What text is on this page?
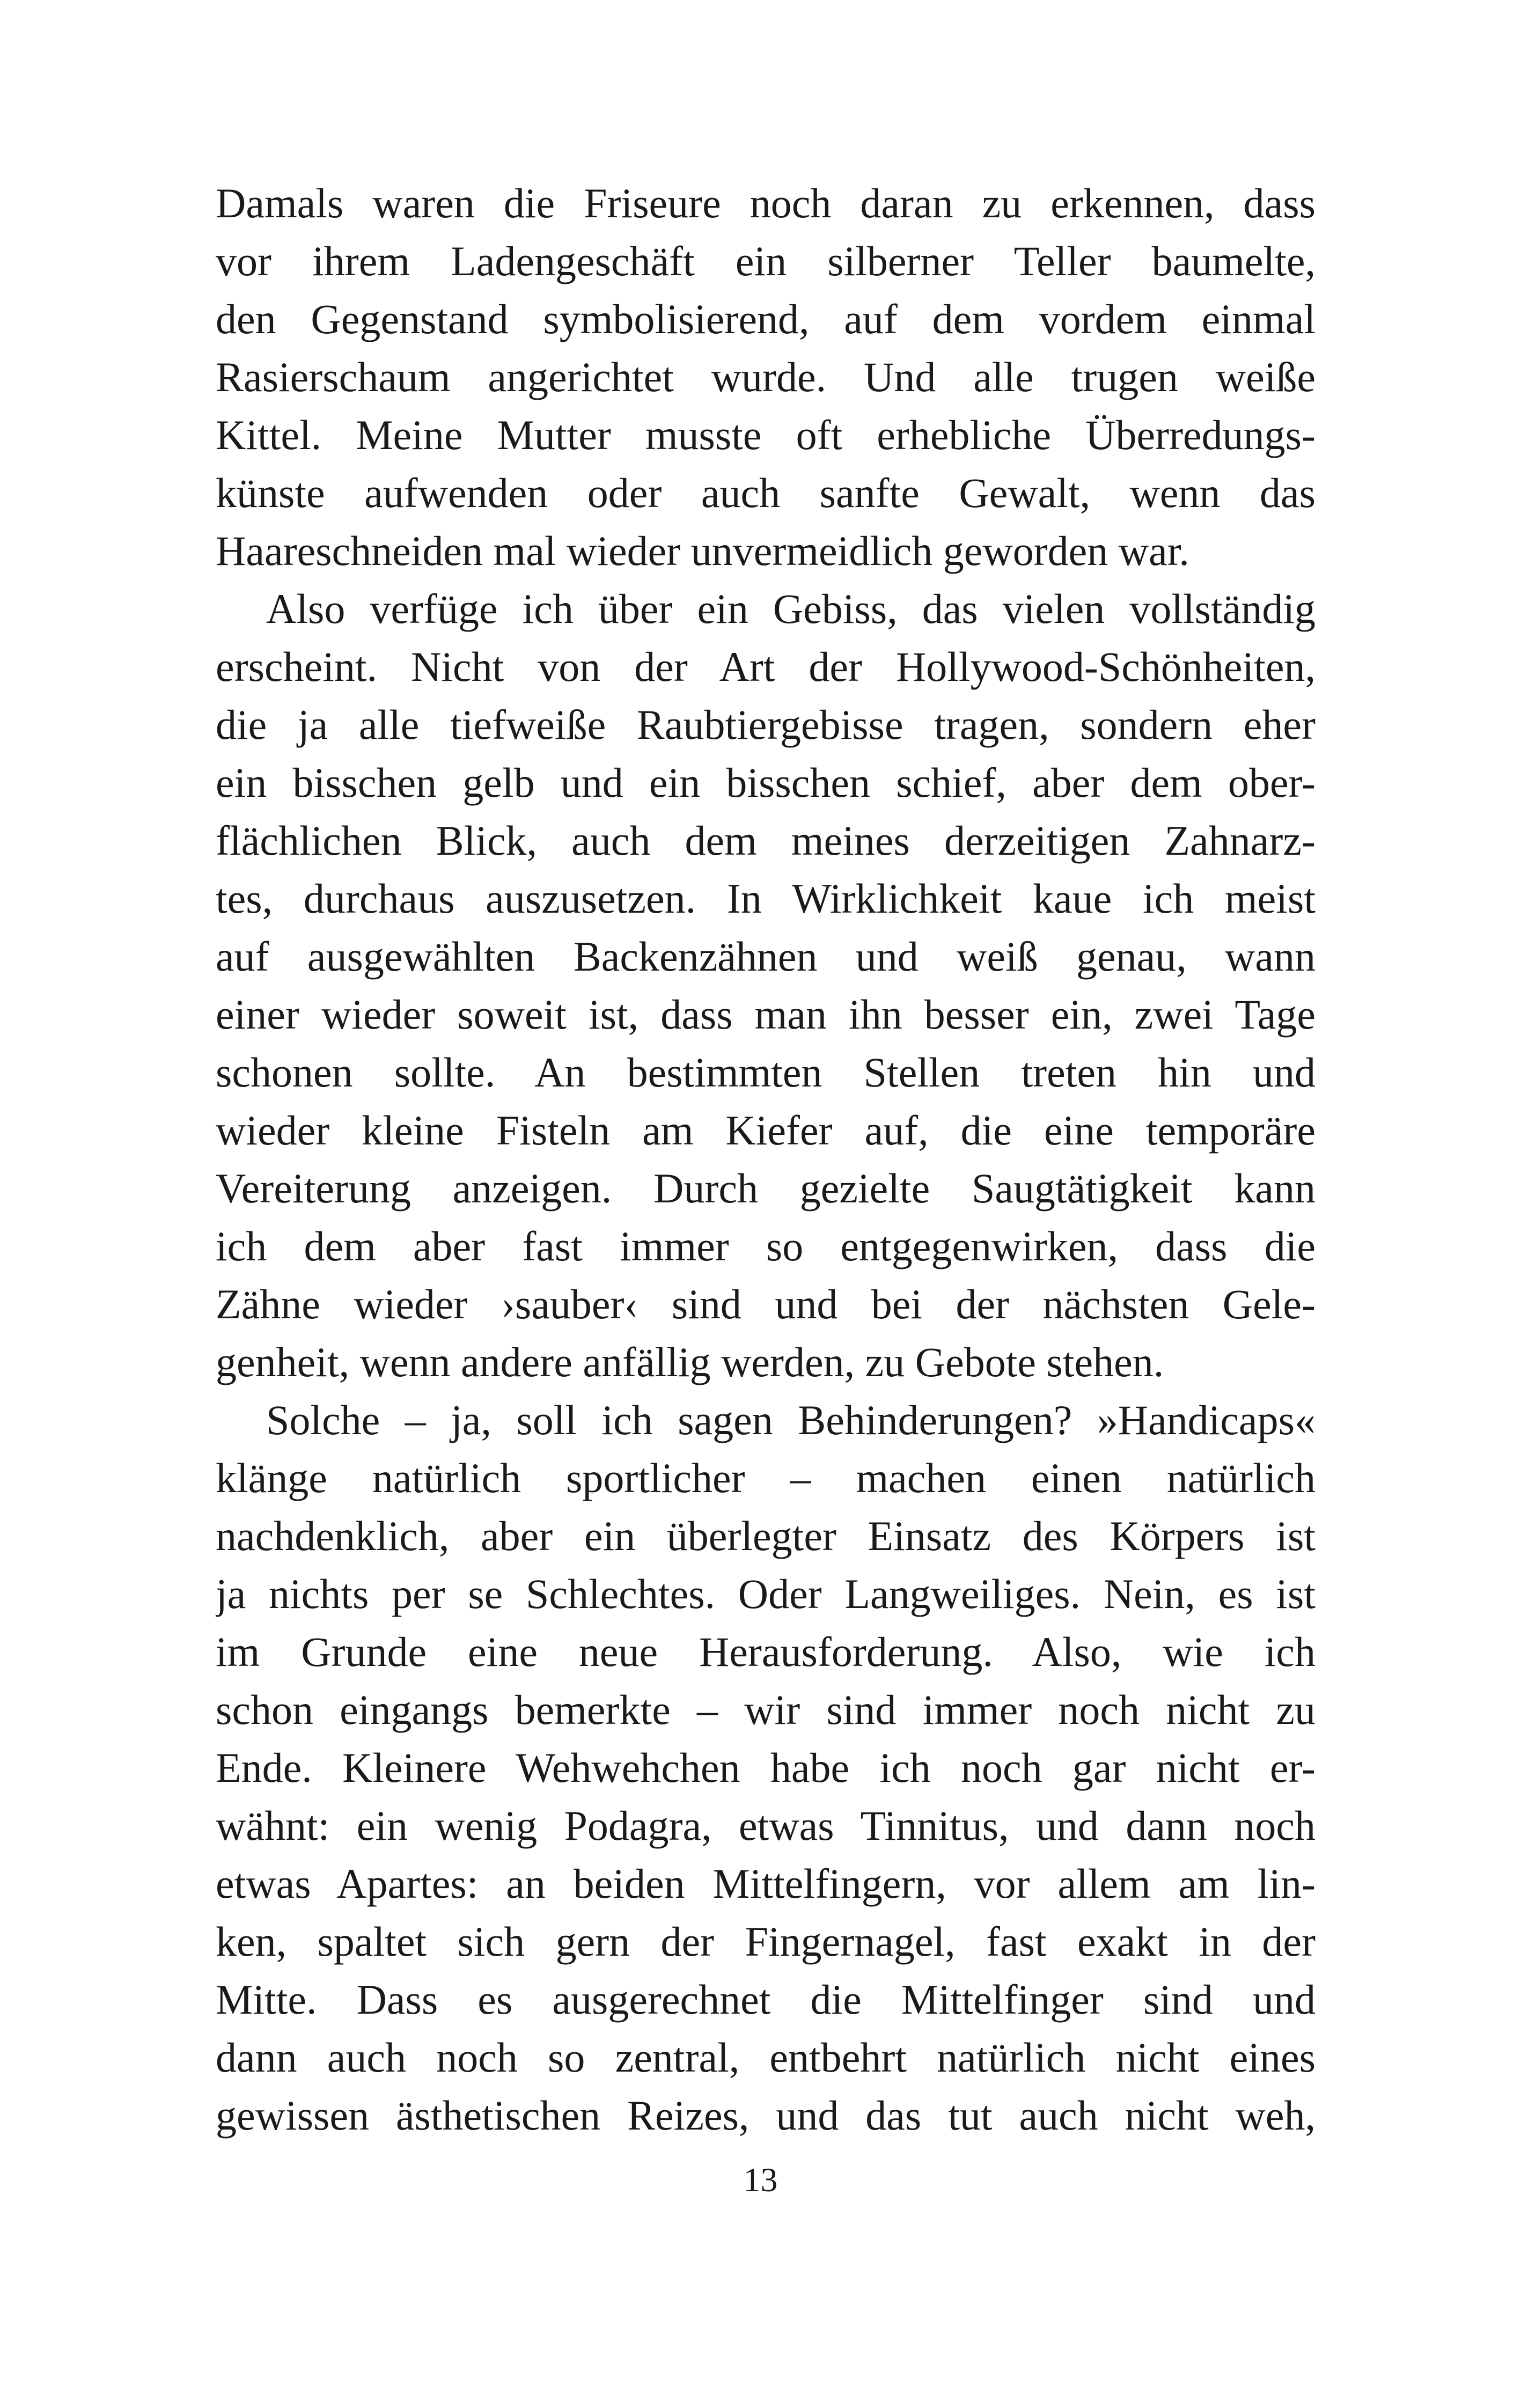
Damals waren die Friseure noch daran zu erkennen, dass
vor ihrem Ladengeschäft ein silberner Teller baumelte,
den Gegenstand symbolisierend, auf dem vordem einmal
Rasierschaum angerichtet wurde. Und alle trugen weiße
Kittel. Meine Mutter musste oft erhebliche Überredungs-
künste aufwenden oder auch sanfte Gewalt, wenn das
Haareschneiden mal wieder unvermeidlich geworden war.
Also verfüge ich über ein Gebiss, das vielen vollständig
erscheint. Nicht von der Art der Hollywood-Schönheiten,
die ja alle tiefweiße Raubtiergebisse tragen, sondern eher
ein bisschen gelb und ein bisschen schief, aber dem ober-
flächlichen Blick, auch dem meines derzeitigen Zahnarz-
tes, durchaus auszusetzen. In Wirklichkeit kaue ich meist
auf ausgewählten Backenzähnen und weiß genau, wann
einer wieder soweit ist, dass man ihn besser ein, zwei Tage
schonen sollte. An bestimmten Stellen treten hin und
wieder kleine Fisteln am Kiefer auf, die eine temporäre
Vereiterung anzeigen. Durch gezielte Saugtätigkeit kann
ich dem aber fast immer so entgegenwirken, dass die
Zähne wieder ›sauber‹ sind und bei der nächsten Gele-
genheit, wenn andere anfällig werden, zu Gebote stehen.
Solche – ja, soll ich sagen Behinderungen? »Handicaps«
klänge natürlich sportlicher – machen einen natürlich
nachdenklich, aber ein überlegter Einsatz des Körpers ist
ja nichts per se Schlechtes. Oder Langweiliges. Nein, es ist
im Grunde eine neue Herausforderung. Also, wie ich
schon eingangs bemerkte – wir sind immer noch nicht zu
Ende. Kleinere Wehwehchen habe ich noch gar nicht er-
wähnt: ein wenig Podagra, etwas Tinnitus, und dann noch
etwas Apartes: an beiden Mittelfingern, vor allem am lin-
ken, spaltet sich gern der Fingernagel, fast exakt in der
Mitte. Dass es ausgerechnet die Mittelfinger sind und
dann auch noch so zentral, entbehrt natürlich nicht eines
gewissen ästhetischen Reizes, und das tut auch nicht weh,
13
